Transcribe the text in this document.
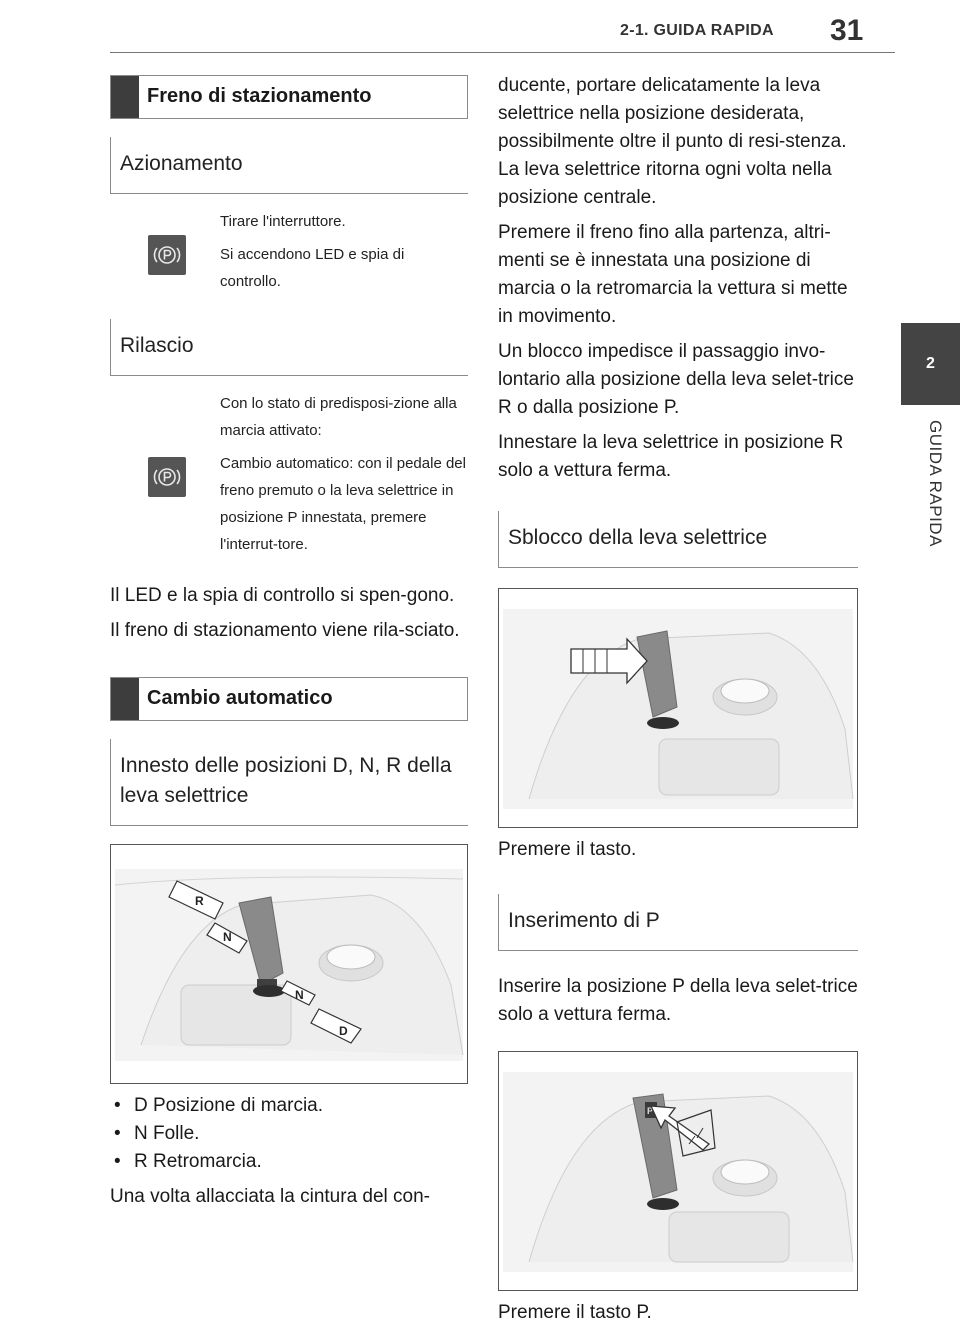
2-1. GUIDA RAPIDA 31
2
GUIDA RAPIDA
Freno di stazionamento
Azionamento
Tirare l'interruttore.
Si accendono LED e spia di controllo.
Rilascio
Con lo stato di predisposi-zione alla marcia attivato:
Cambio automatico: con il pedale del freno premuto o la leva selettrice in posizione P innestata, premere l'interrut-tore.
Il LED e la spia di controllo si spen-gono.
Il freno di stazionamento viene rila-sciato.
Cambio automatico
Innesto delle posizioni D, N, R della leva selettrice
R
N
N
D
• D Posizione di marcia.
• N Folle.
• R Retromarcia.
Una volta allacciata la cintura del con-
ducente, portare delicatamente la leva selettrice nella posizione desiderata, possibilmente oltre il punto di resi-stenza. La leva selettrice ritorna ogni volta nella posizione centrale.
Premere il freno fino alla partenza, altri-menti se è innestata una posizione di marcia o la retromarcia la vettura si mette in movimento.
Un blocco impedisce il passaggio invo-lontario alla posizione della leva selet-trice R o dalla posizione P.
Innestare la leva selettrice in posizione R solo a vettura ferma.
Sblocco della leva selettrice
Premere il tasto.
Inserimento di P
Inserire la posizione P della leva selet-trice solo a vettura ferma.
P
Premere il tasto P.
